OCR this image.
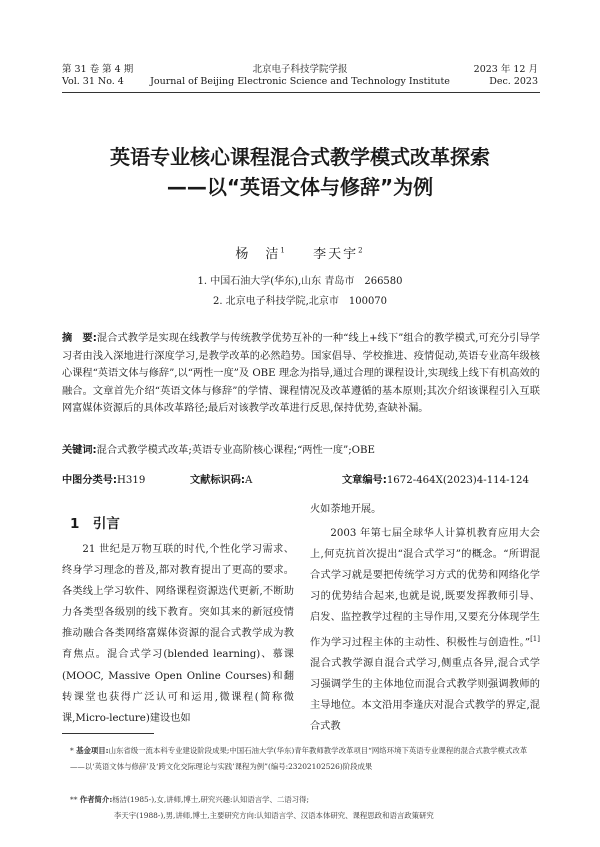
第 31 卷 第 4 期
Vol. 31 No. 4
北京电子科技学院学报
Journal of Beijing Electronic Science and Technology Institute
2023 年 12 月
Dec. 2023
英语专业核心课程混合式教学模式改革探索
——以“英语文体与修辞”为例
杨　洁$^1$ 李天宇$^2$
1. 中国石油大学(华东),山东 青岛市　266580
2. 北京电子科技学院,北京市　100070
摘　要:混合式教学是实现在线教学与传统教学优势互补的一种“线上+线下”组合的教学模式,可充分引导学习者由浅入深地进行深度学习,是教学改革的必然趋势。国家倡导、学校推进、疫情促动,英语专业高年级核心课程“英语文体与修辞”,以“两性一度”及 OBE 理念为指导,通过合理的课程设计,实现线上线下有机高效的融合。文章首先介绍“英语文体与修辞”的学情、课程情况及改革遵循的基本原则;其次介绍该课程引入互联网富媒体资源后的具体改革路径;最后对该教学改革进行反思,保持优势,查缺补漏。
关键词:混合式教学模式改革;英语专业高阶核心课程;“两性一度”;OBE
中图分类号:H319	文献标识码:A	文章编号:1672-464X(2023)4-114-124
1　引言

21 世纪是万物互联的时代,个性化学习需求、终身学习理念的普及,都对教育提出了更高的要求。各类线上学习软件、网络课程资源迭代更新,不断助力各类型各级别的线下教育。突如其来的新冠疫情推动融合各类网络富媒体资源的混合式教学成为教育焦点。混合式学习(blended learning)、慕课(MOOC, Massive Open Online Courses)和翻转课堂也获得广泛认可和运用,微课程(简称微课,Micro-lecture)建设也如

火如荼地开展。

2003 年第七届全球华人计算机教育应用大会上,何克抗首次提出“混合式学习”的概念。“所谓混合式学习就是要把传统学习方式的优势和网络化学习的优势结合起来,也就是说,既要发挥教师引导、启发、监控教学过程的主导作用,又要充分体现学生作为学习过程主体的主动性、积极性与创造性。”[1]混合式教学源自混合式学习,侧重点各异,混合式学习强调学生的主体地位而混合式教学则强调教师的主导地位。本文沿用李逢庆对混合式教学的界定,混合式教

* 基金项目:山东省级一流本科专业建设阶段成果;中国石油大学(华东)青年教师教学改革项目“网络环境下英语专业课程的混合式教学模式改革——以‘英语文体与修辞’及‘跨文化交际理论与实践’课程为例”(编号:23202102526)阶段成果
** 作者简介:杨洁(1985-),女,讲师,博士,研究兴趣:认知语言学、二语习得;
李天宇(1988-),男,讲师,博士,主要研究方向:认知语言学、汉语本体研究、课程思政和语言政策研究
